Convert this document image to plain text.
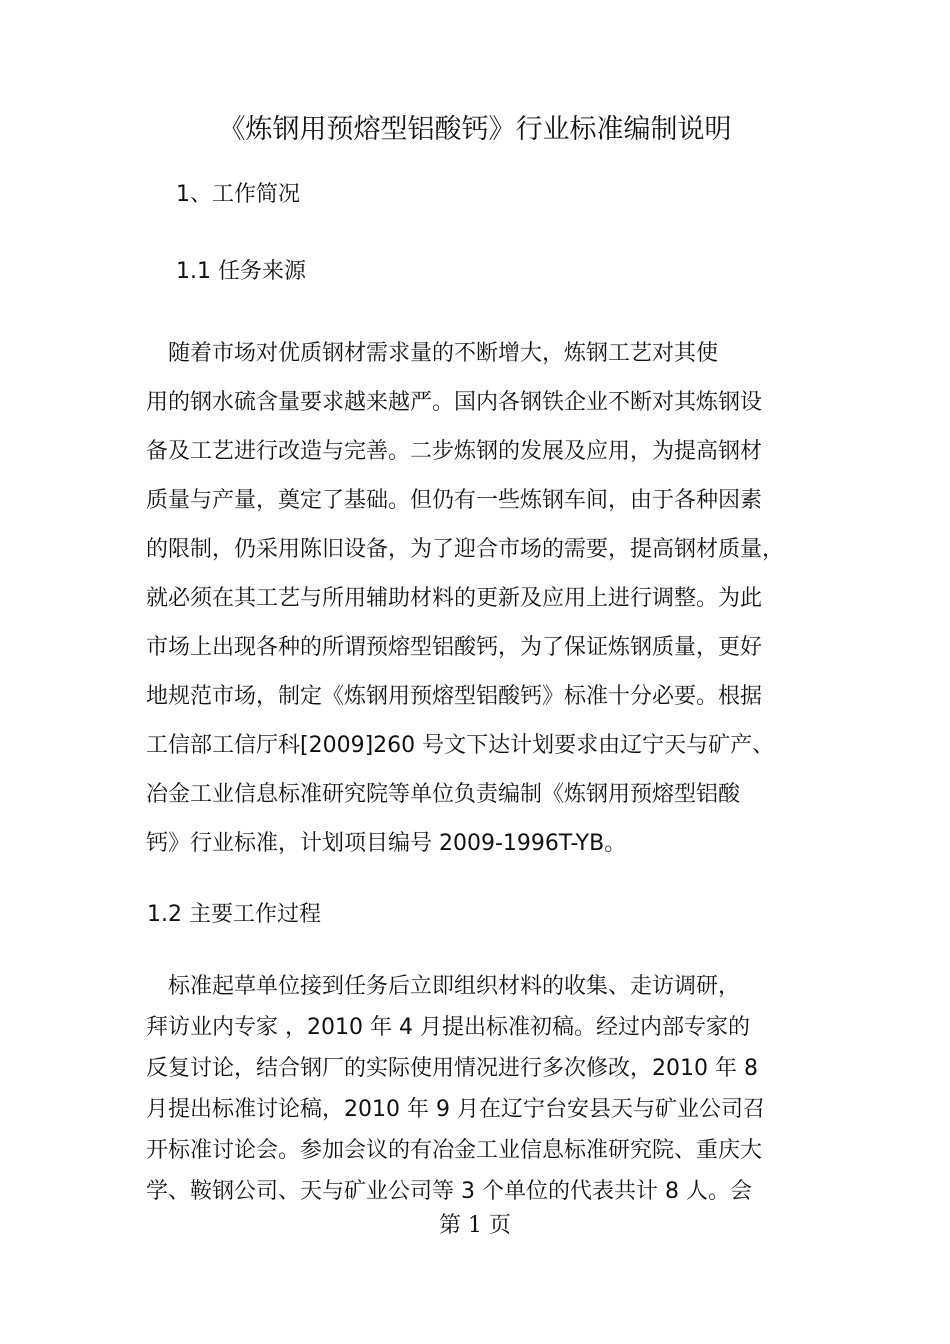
《炼钢用预熔型铝酸钙》行业标准编制说明
1、工作简况
1.1 任务来源
　随着市场对优质钢材需求量的不断增大，炼钢工艺对其使
用的钢水硫含量要求越来越严。国内各钢铁企业不断对其炼钢设
备及工艺进行改造与完善。二步炼钢的发展及应用，为提高钢材
质量与产量，奠定了基础。但仍有一些炼钢车间，由于各种因素
的限制，仍采用陈旧设备，为了迎合市场的需要，提高钢材质量，
就必须在其工艺与所用辅助材料的更新及应用上进行调整。为此
市场上出现各种的所谓预熔型铝酸钙，为了保证炼钢质量，更好
地规范市场，制定《炼钢用预熔型铝酸钙》标准十分必要。根据
工信部工信厅科[2009]260 号文下达计划要求由辽宁天与矿产、
冶金工业信息标准研究院等单位负责编制《炼钢用预熔型铝酸
钙》行业标准，计划项目编号 2009-1996T-YB。
1.2 主要工作过程
　标准起草单位接到任务后立即组织材料的收集、走访调研，
拜访业内专家 ，2010 年 4 月提出标准初稿。经过内部专家的
反复讨论，结合钢厂的实际使用情况进行多次修改，2010 年 8
月提出标准讨论稿，2010 年 9 月在辽宁台安县天与矿业公司召
开标准讨论会。参加会议的有冶金工业信息标准研究院、重庆大
学、鞍钢公司、天与矿业公司等 3 个单位的代表共计 8 人。会
第 1 页
